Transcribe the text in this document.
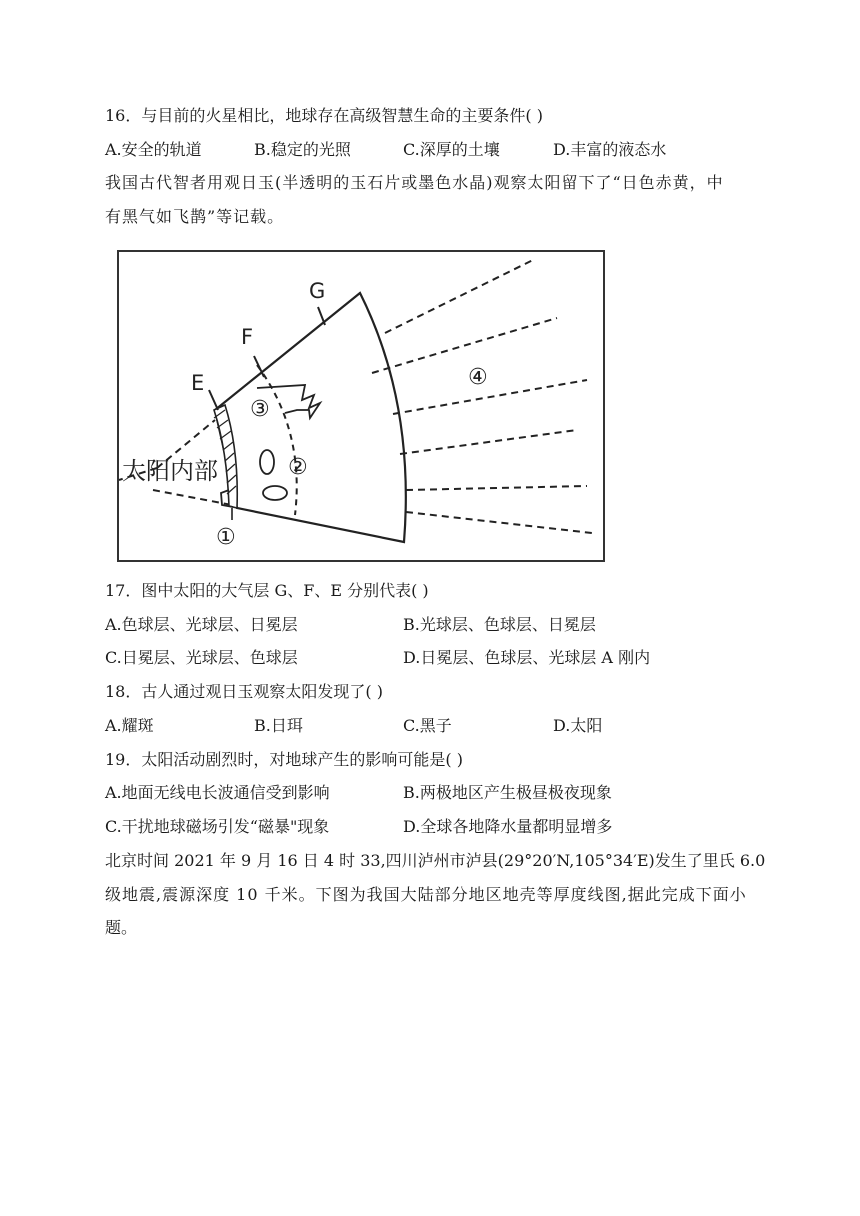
16．与目前的火星相比，地球存在高级智慧生命的主要条件( )
A.安全的轨道	B.稳定的光照	C.深厚的土壤	D.丰富的液态水
我国古代智者用观日玉(半透明的玉石片或墨色水晶)观察太阳留下了“日色赤黄，中
有黑气如飞鹊”等记载。
G
F
E
①
②
③
④
太阳内部
17．图中太阳的大气层 G、F、E 分别代表( )
A.色球层、光球层、日冕层	B.光球层、色球层、日冕层
C.日冕层、光球层、色球层	D.日冕层、色球层、光球层 A 刚内
18．古人通过观日玉观察太阳发现了( )
A.耀斑	B.日珥	C.黑子	D.太阳
19．太阳活动剧烈时，对地球产生的影响可能是( )
A.地面无线电长波通信受到影响	B.两极地区产生极昼极夜现象
C.干扰地球磁场引发“磁暴"现象	D.全球各地降水量都明显增多
北京时间 2021 年 9 月 16 日 4 时 33,四川泸州市泸县(29°20′N,105°34′E)发生了里氏 6.0
级地震,震源深度 10 千米。下图为我国大陆部分地区地壳等厚度线图,据此完成下面小
题。
